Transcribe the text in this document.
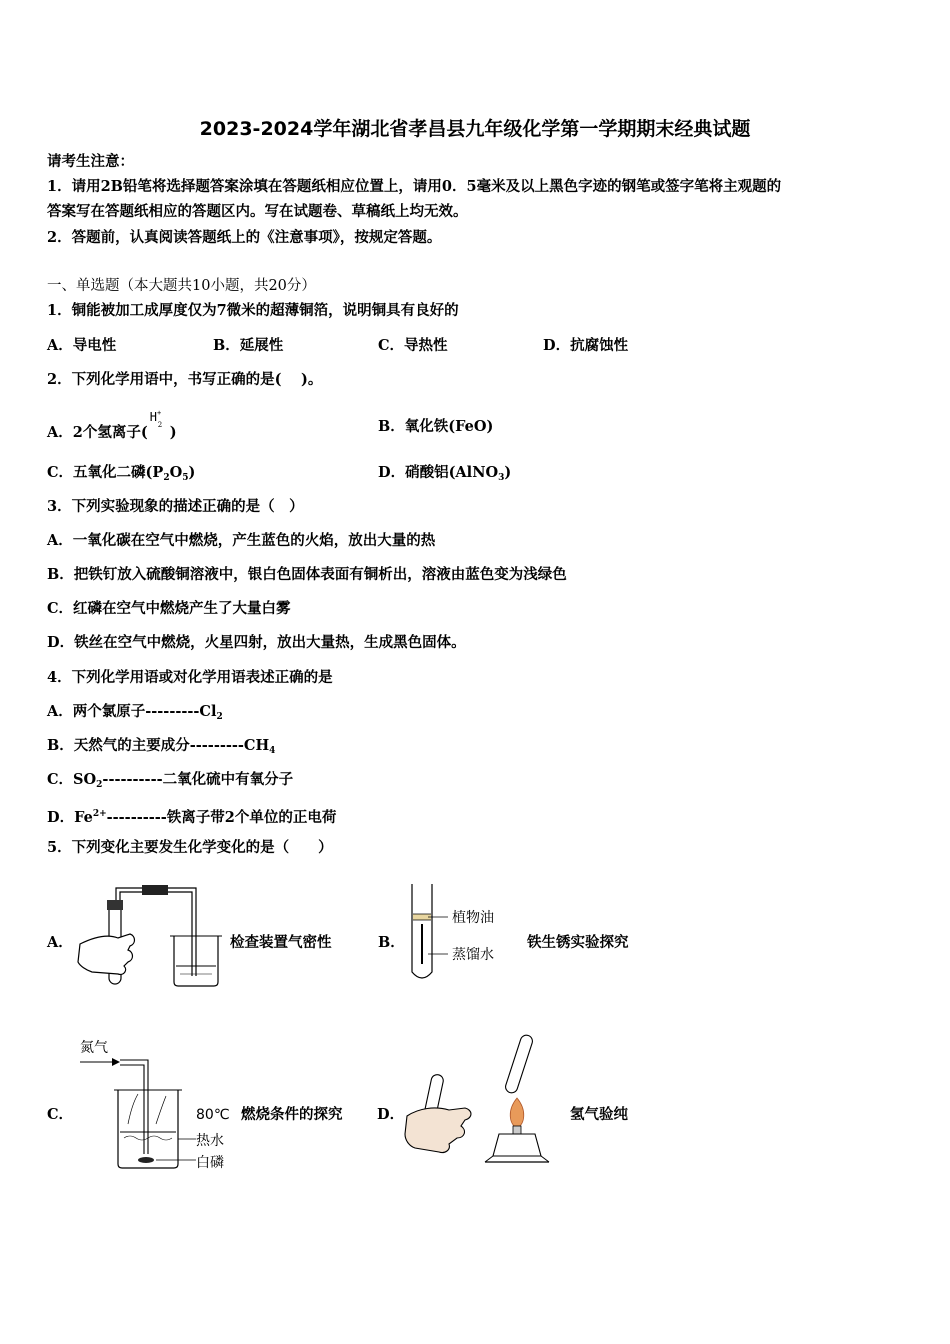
2023-2024学年湖北省孝昌县九年级化学第一学期期末经典试题
请考生注意：
1．请用2B铅笔将选择题答案涂填在答题纸相应位置上，请用0．5毫米及以上黑色字迹的钢笔或签字笔将主观题的
答案写在答题纸相应的答题区内。写在试题卷、草稿纸上均无效。
2．答题前，认真阅读答题纸上的《注意事项》，按规定答题。
一、单选题（本大题共10小题，共20分）
1．铜能被加工成厚度仅为7微米的超薄铜箔，说明铜具有良好的
A．导电性	B．延展性	C．导热性	D．抗腐蚀性
2．下列化学用语中，书写正确的是(　 )。
A．2个氢离子(
H+
2 )	B．氧化铁(FeO)
C．五氧化二磷$(P_2O_5)$	D．硝酸铝(AlNO$_3$)
3．下列实验现象的描述正确的是（　）
A．一氧化碳在空气中燃烧，产生蓝色的火焰，放出大量的热
B．把铁钉放入硫酸铜溶液中，银白色固体表面有铜析出，溶液由蓝色变为浅绿色
C．红磷在空气中燃烧产生了大量白雾
D．铁丝在空气中燃烧，火星四射，放出大量热，生成黑色固体。
4．下列化学用语或对化学用语表述正确的是
A．两个氯原子$---------Cl_2$
B．天然气的主要成分$---------CH_4$
C．$SO_2----------$二氧化硫中有氧分子
D．$Fe^{2+}----------$铁离子带2个单位的正电荷
5．下列变化主要发生化学变化的是（　　）
A．	检查装置气密性	B．
植物油
蒸馏水
铁生锈实验探究
C．
氮气
80℃
热水
白磷
燃烧条件的探究 D．	氢气验纯
